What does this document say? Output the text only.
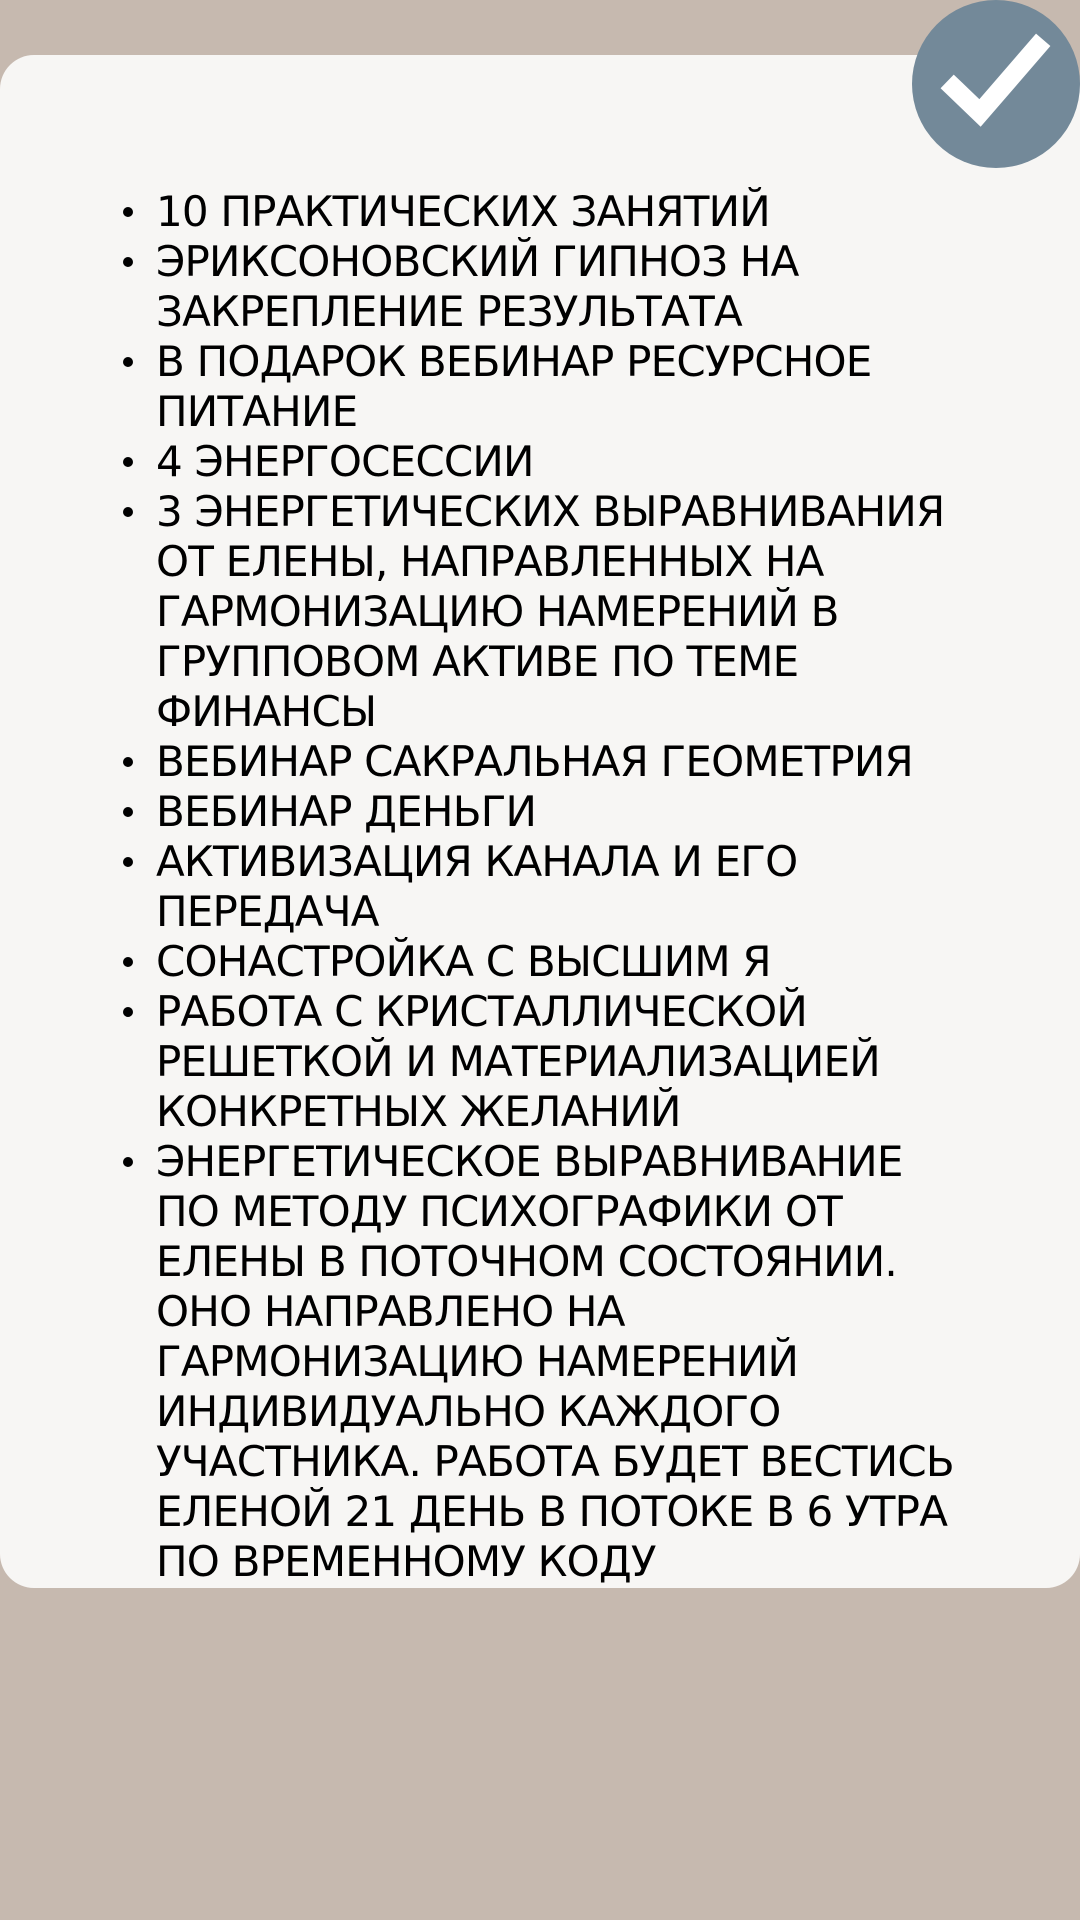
10 ПРАКТИЧЕСКИХ ЗАНЯТИЙ
ЭРИКСОНОВСКИЙ ГИПНОЗ НА
ЗАКРЕПЛЕНИЕ РЕЗУЛЬТАТА
В ПОДАРОК ВЕБИНАР РЕСУРСНОЕ
ПИТАНИЕ
4 ЭНЕРГОСЕССИИ
3 ЭНЕРГЕТИЧЕСКИХ ВЫРАВНИВАНИЯ
ОТ ЕЛЕНЫ, НАПРАВЛЕННЫХ НА
ГАРМОНИЗАЦИЮ НАМЕРЕНИЙ В
ГРУППОВОМ АКТИВЕ ПО ТЕМЕ
ФИНАНСЫ
ВЕБИНАР САКРАЛЬНАЯ ГЕОМЕТРИЯ
ВЕБИНАР ДЕНЬГИ
АКТИВИЗАЦИЯ КАНАЛА И ЕГО
ПЕРЕДАЧА
СОНАСТРОЙКА С ВЫСШИМ Я
РАБОТА С КРИСТАЛЛИЧЕСКОЙ
РЕШЕТКОЙ И МАТЕРИАЛИЗАЦИЕЙ
КОНКРЕТНЫХ ЖЕЛАНИЙ
ЭНЕРГЕТИЧЕСКОЕ ВЫРАВНИВАНИЕ
ПО МЕТОДУ ПСИХОГРАФИКИ ОТ
ЕЛЕНЫ В ПОТОЧНОМ СОСТОЯНИИ.
ОНО НАПРАВЛЕНО НА
ГАРМОНИЗАЦИЮ НАМЕРЕНИЙ
ИНДИВИДУАЛЬНО КАЖДОГО
УЧАСТНИКА. РАБОТА БУДЕТ ВЕСТИСЬ
ЕЛЕНОЙ 21 ДЕНЬ В ПОТОКЕ В 6 УТРА
ПО ВРЕМЕННОМУ КОДУ
